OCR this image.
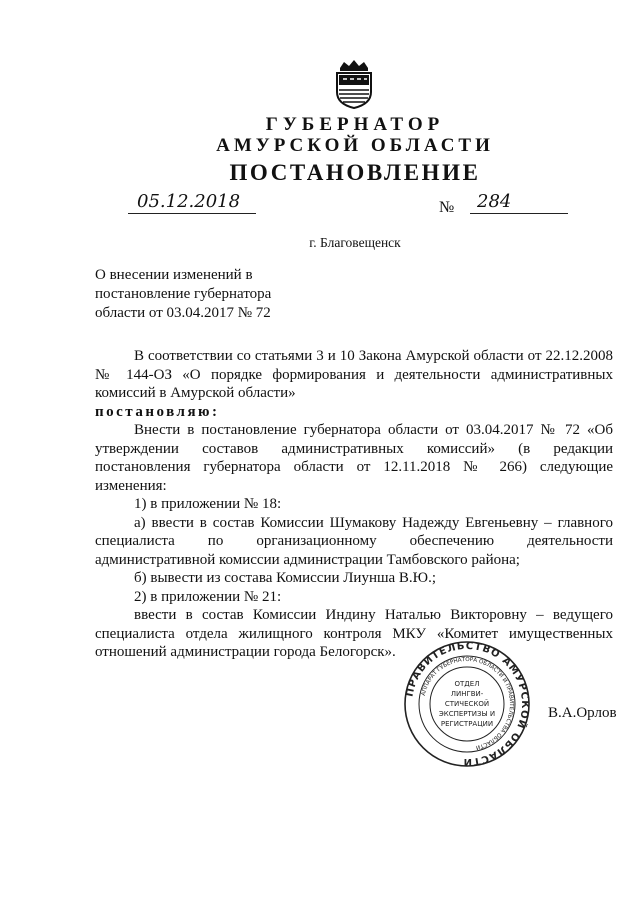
ГУБЕРНАТОР
АМУРСКОЙ ОБЛАСТИ
ПОСТАНОВЛЕНИЕ
05.12.2018	№ 284
г. Благовещенск
О внесении изменений в
постановление губернатора
области от 03.04.2017 № 72

В соответствии со статьями 3 и 10 Закона Амурской области от 22.12.2008 № 144-ОЗ «О порядке формирования и деятельности административных комиссий в Амурской области»

постановляю:

Внести в постановление губернатора области от 03.04.2017 № 72 «Об утверждении составов административных комиссий» (в редакции постановления губернатора области от 12.11.2018 № 266) следующие изменения:

1) в приложении № 18:

а) ввести в состав Комиссии Шумакову Надежду Евгеньевну – главного специалиста по организационному обеспечению деятельности административной комиссии администрации Тамбовского района;

б) вывести из состава Комиссии Лиунша В.Ю.;

2) в приложении № 21:

ввести в состав Комиссии Индину Наталью Викторовну – ведущего специалиста отдела жилищного контроля МКУ «Комитет имущественных отношений администрации города Белогорск».

ПРАВИТЕЛЬСТВО АМУРСКОЙ ОБЛАСТИ
АППАРАТ ГУБЕРНАТОРА ОБЛАСТИ И ПРАВИТЕЛЬСТВА ОБЛАСТИ
ОТДЕЛ
ЛИНГВИ-
СТИЧЕСКОЙ
ЭКСПЕРТИЗЫ И
РЕГИСТРАЦИИ
В.А.Орлов
